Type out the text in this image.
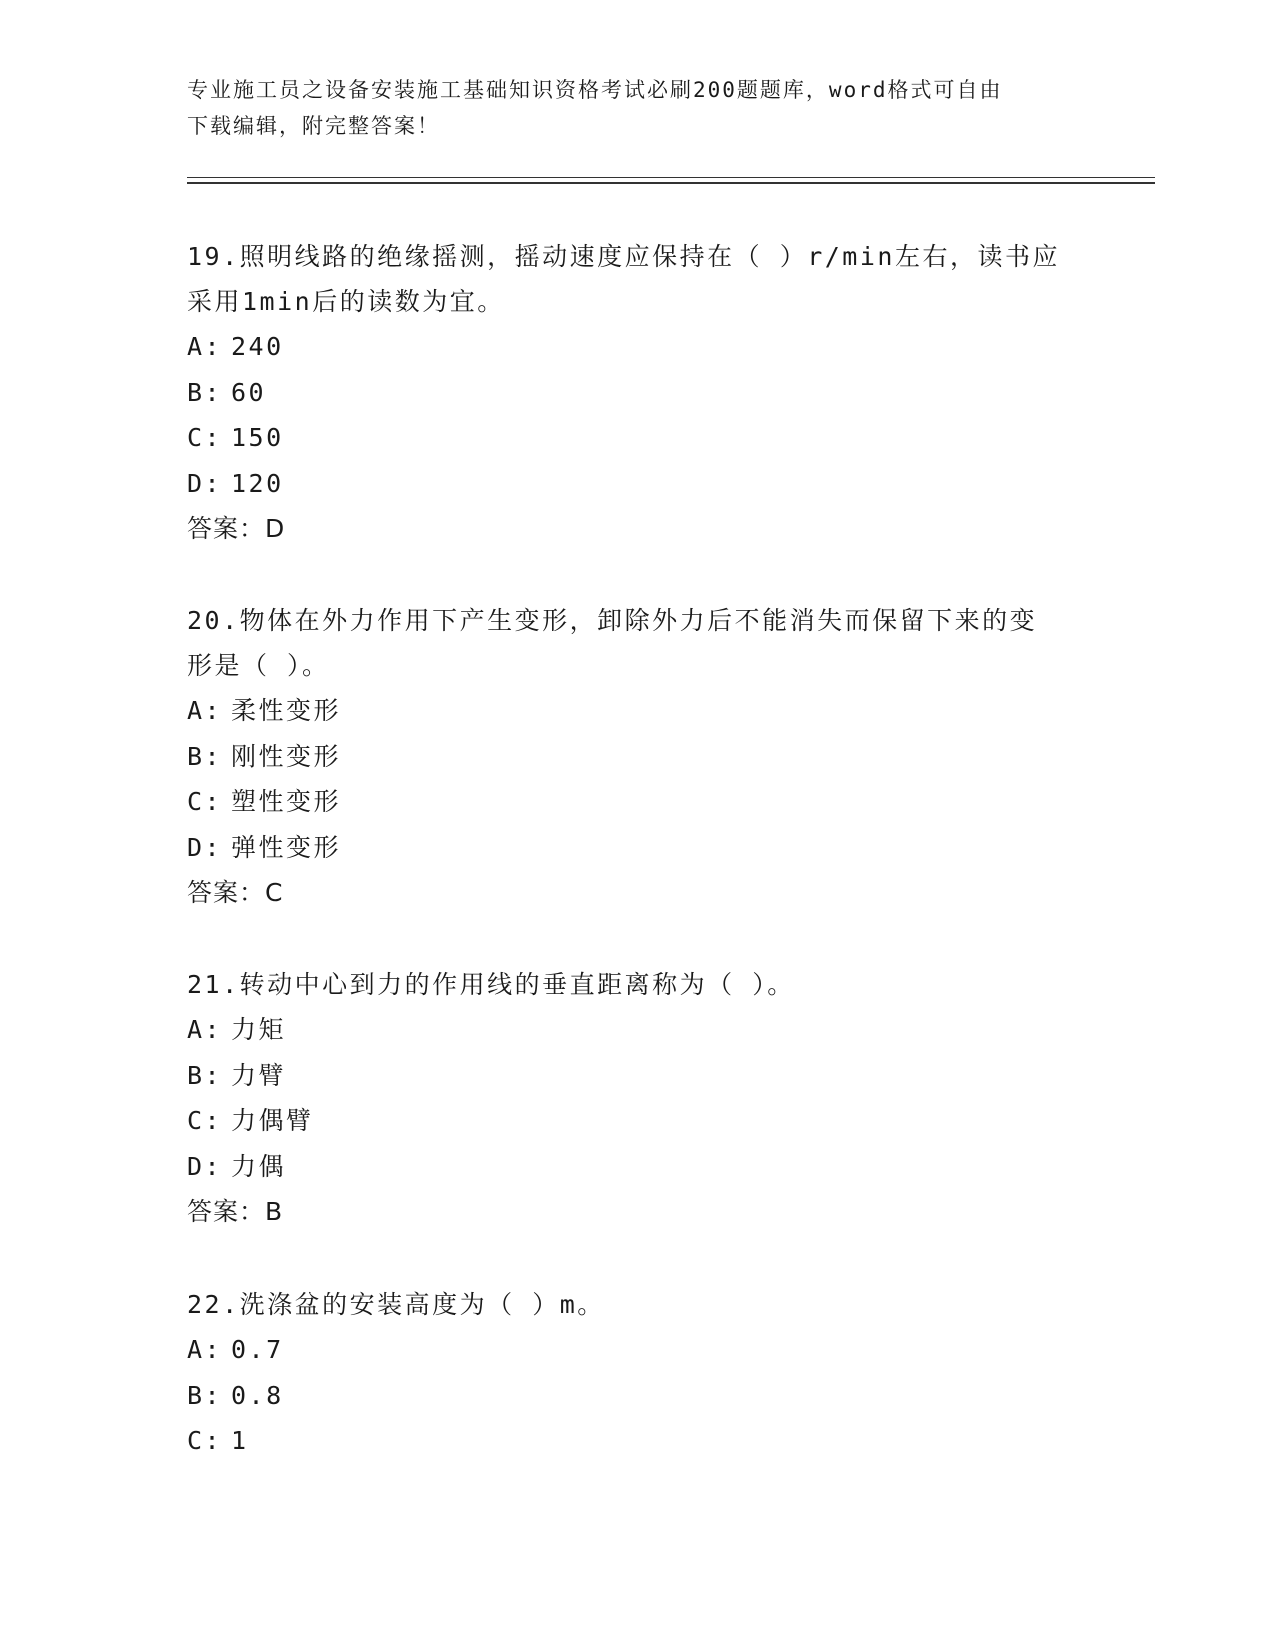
专业施工员之设备安装施工基础知识资格考试必刷200题题库，word格式可自由
下载编辑，附完整答案！

19.照明线路的绝缘摇测，摇动速度应保持在（ ）r/min左右，读书应

采用1min后的读数为宜。

A: 240

B: 60

C: 150

D: 120

答案：D

20.物体在外力作用下产生变形，卸除外力后不能消失而保留下来的变

形是（ ）。

A: 柔性变形

B: 刚性变形

C: 塑性变形

D: 弹性变形

答案：C

21.转动中心到力的作用线的垂直距离称为（ ）。

A: 力矩

B: 力臂

C: 力偶臂

D: 力偶

答案：B

22.洗涤盆的安装高度为（ ）m。

A: 0.7

B: 0.8

C: 1
